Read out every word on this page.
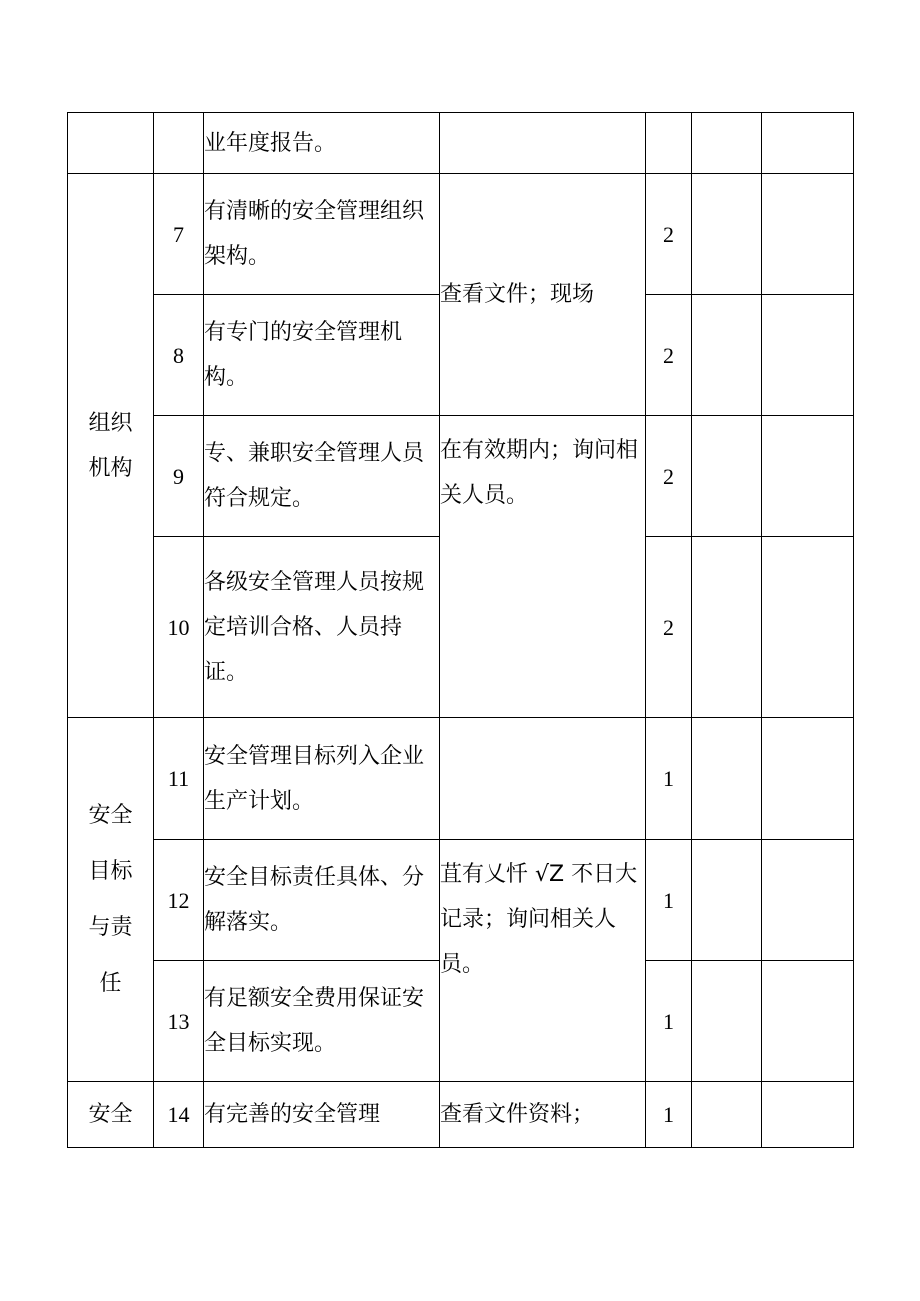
		业年度报告。				

组织机构	7	有清晰的安全管理组织架构。	查看文件；现场	2		
	8	有专门的安全管理机构。		2		
	9	专、兼职安全管理人员符合规定。	在有效期内；询问相关人员。	2		
	10	各级安全管理人员按规定培训合格、人员持证。		2		

安全目标与责任	11	安全管理目标列入企业生产计划。		1		
	12	安全目标责任具体、分解落实。	苴有乂忏 √Z 不日大记录；询问相关人员。	1		
	13	有足额安全费用保证安全目标实现。		1		
安全	14	有完善的安全管理	查看文件资料；	1		
